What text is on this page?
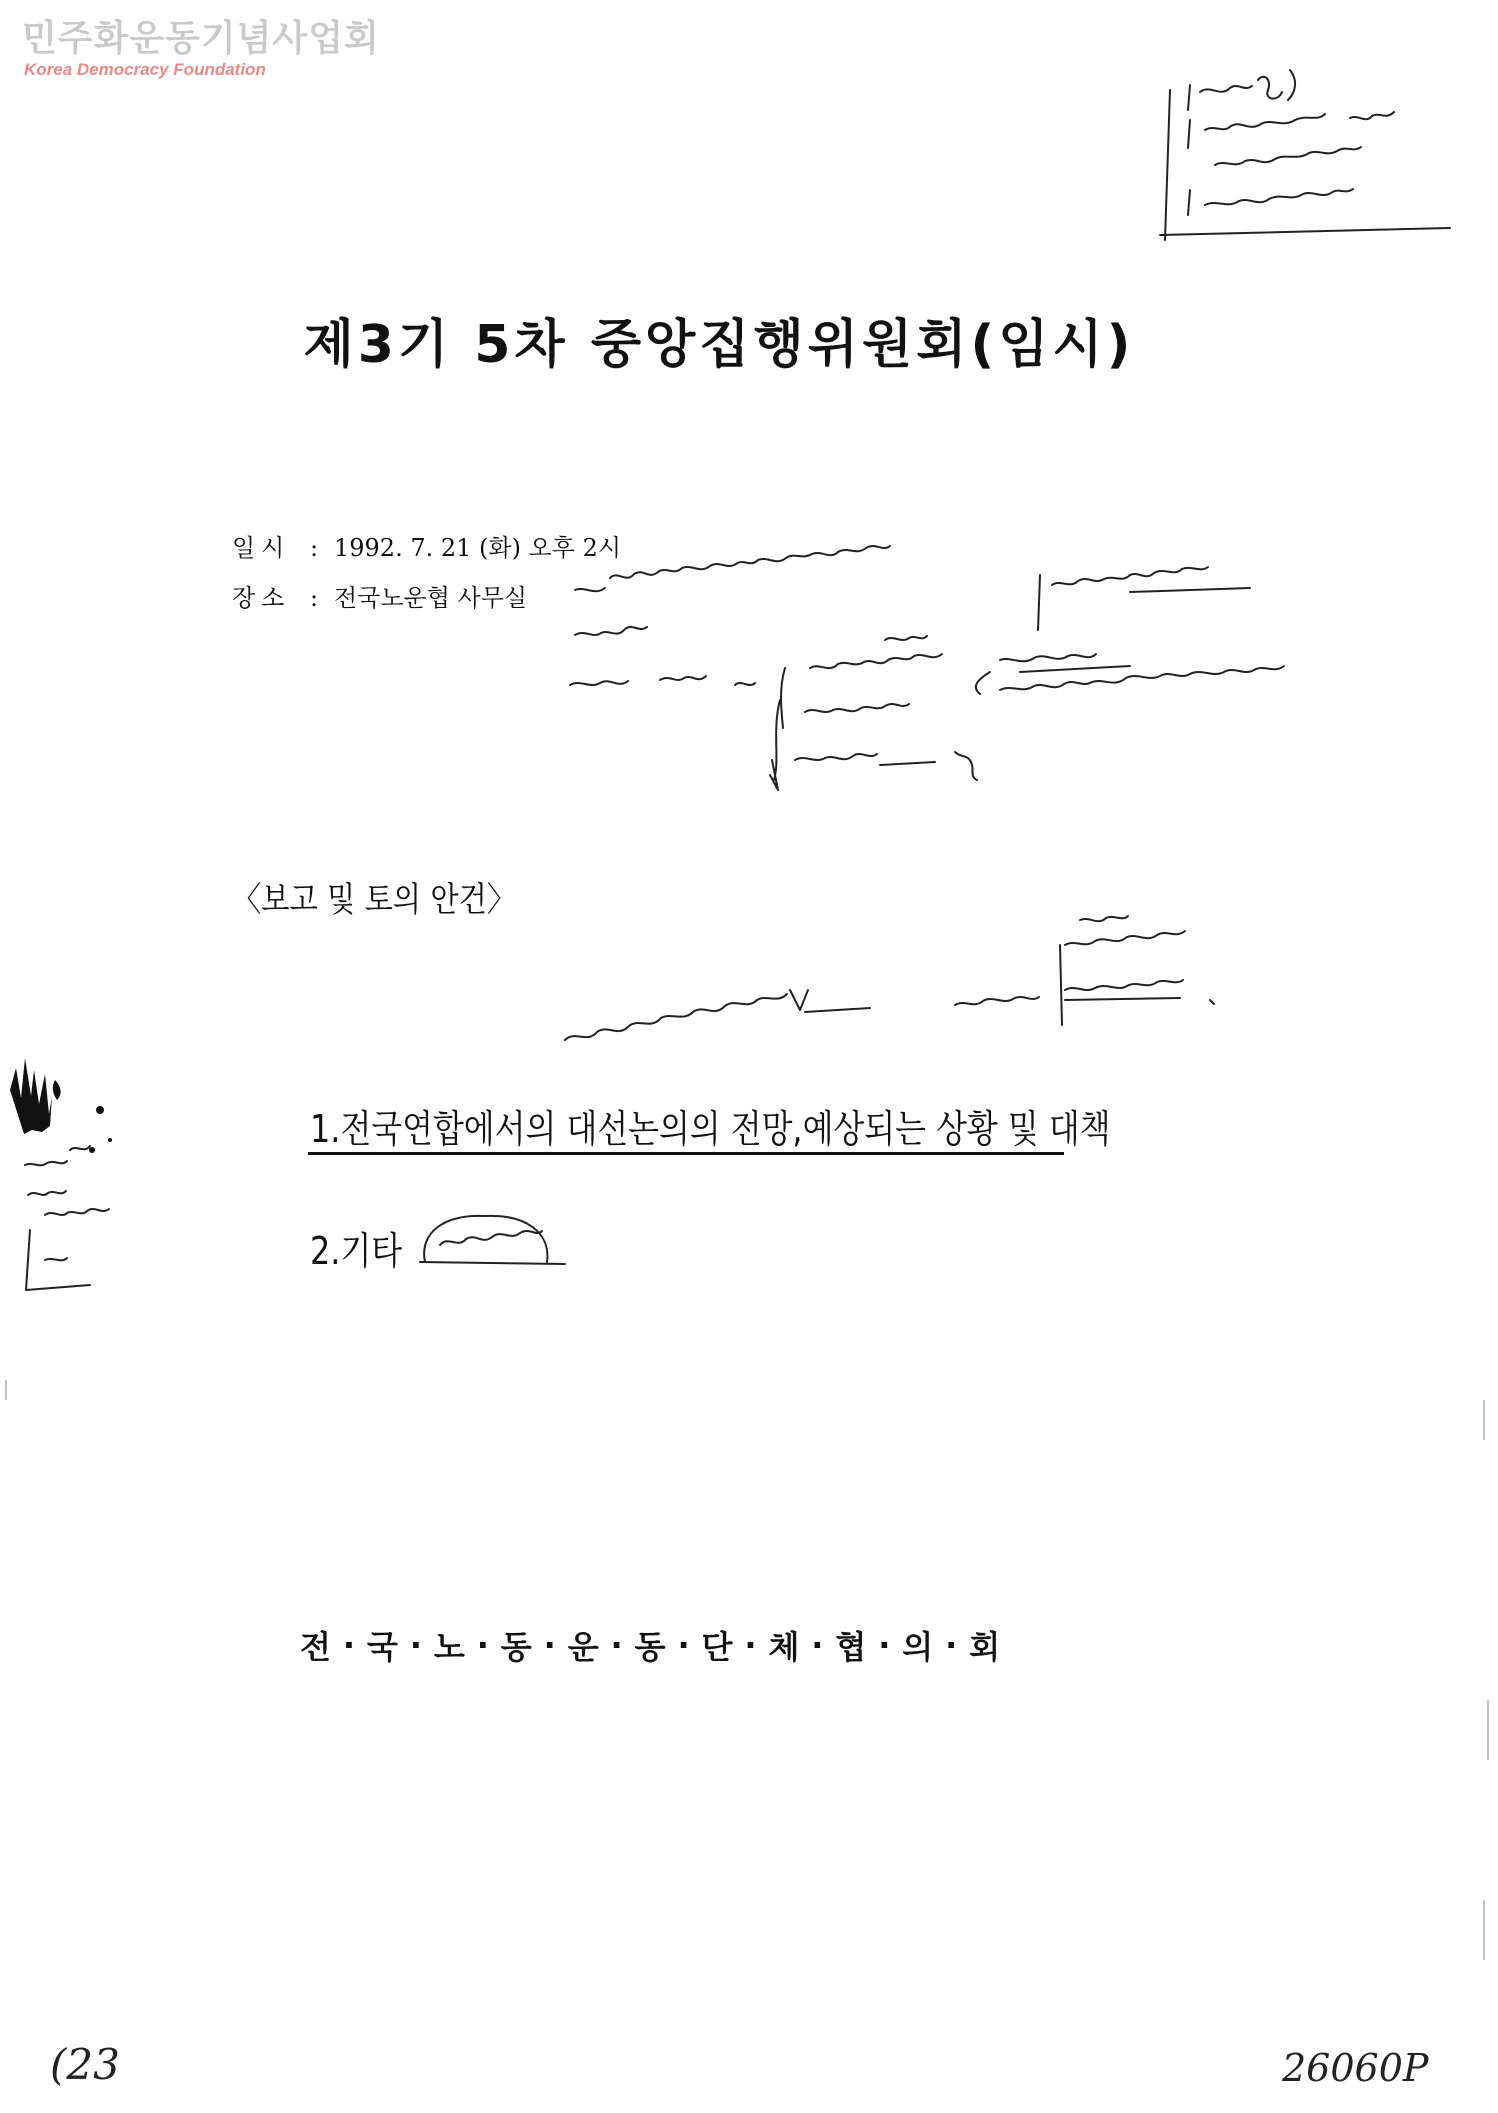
민주화운동기념사업회
Korea Democracy Foundation
제3기 5차 중앙집행위원회(임시)
일시 : 1992. 7. 21 (화) 오후 2시
장소 : 전국노운협 사무실
〈보고 및 토의 안건〉
1.전국연합에서의 대선논의의 전망,예상되는 상황 및 대책
2.기타
전 · 국 · 노 · 동 · 운 · 동 · 단 · 체 · 협 · 의 · 회
(23	26060P
